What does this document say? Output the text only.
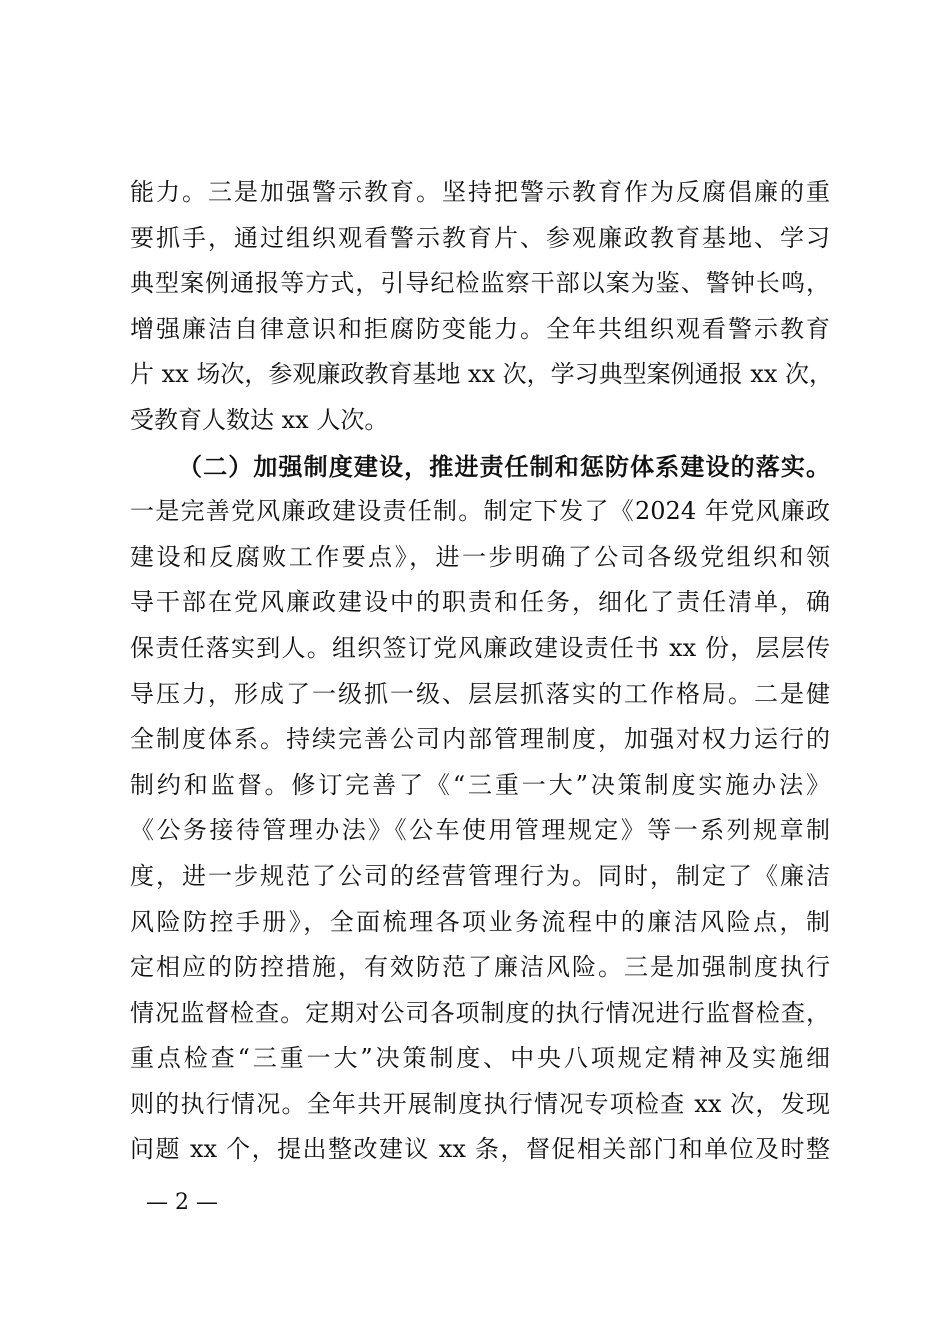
能力。三是加强警示教育。坚持把警示教育作为反腐倡廉的重
要抓手，通过组织观看警示教育片、参观廉政教育基地、学习
典型案例通报等方式，引导纪检监察干部以案为鉴、警钟长鸣，
增强廉洁自律意识和拒腐防变能力。全年共组织观看警示教育
片 xx 场次，参观廉政教育基地 xx 次，学习典型案例通报 xx 次，
受教育人数达 xx 人次。
（二）加强制度建设，推进责任制和惩防体系建设的落实。
一是完善党风廉政建设责任制。制定下发了《2024 年党风廉政
建设和反腐败工作要点》，进一步明确了公司各级党组织和领
导干部在党风廉政建设中的职责和任务，细化了责任清单，确
保责任落实到人。组织签订党风廉政建设责任书 xx 份，层层传
导压力，形成了一级抓一级、层层抓落实的工作格局。二是健
全制度体系。持续完善公司内部管理制度，加强对权力运行的
制约和监督。修订完善了《“三重一大”决策制度实施办法》
《公务接待管理办法》《公车使用管理规定》等一系列规章制
度，进一步规范了公司的经营管理行为。同时，制定了《廉洁
风险防控手册》，全面梳理各项业务流程中的廉洁风险点，制
定相应的防控措施，有效防范了廉洁风险。三是加强制度执行
情况监督检查。定期对公司各项制度的执行情况进行监督检查，
重点检查“三重一大”决策制度、中央八项规定精神及实施细
则的执行情况。全年共开展制度执行情况专项检查 xx 次，发现
问题 xx 个，提出整改建议 xx 条，督促相关部门和单位及时整
— 2 —
